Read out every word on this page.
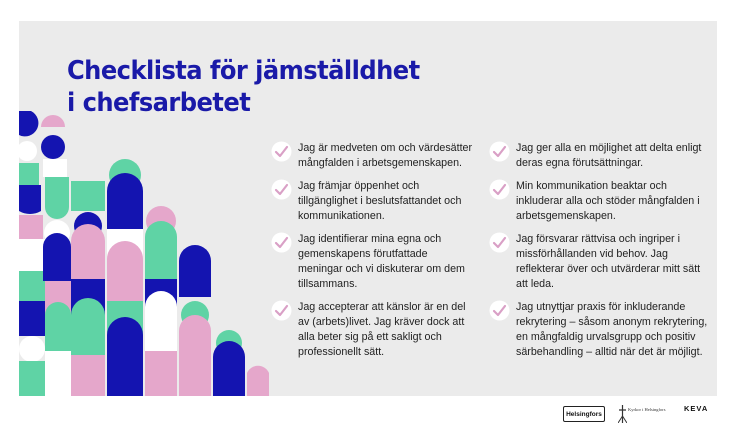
Checklista för jämställdhet
i chefsarbetet
Jag är medveten om och värdesätter mångfalden i arbetsgemenskapen.
Jag främjar öppenhet och tillgänglighet i beslutsfattandet och kommunikationen.
Jag identifierar mina egna och gemenskapens förutfattade meningar och vi diskuterar om dem tillsammans.
Jag accepterar att känslor är en del av (arbets)livet. Jag kräver dock att alla beter sig på ett sakligt och professionellt sätt.
Jag ger alla en möjlighet att delta enligt deras egna förutsättningar.
Min kommunikation beaktar och inkluderar alla och stöder mångfalden i arbetsgemenskapen.
Jag försvarar rättvisa och ingriper i missförhållanden vid behov. Jag reflekterar över och utvärderar mitt sätt att leda.
Jag utnyttjar praxis för inkluderande rekrytering – såsom anonym rekrytering, en mångfaldig urvalsgrupp och positiv särbehandling – alltid när det är möjligt.
Helsingfors
Kyrkor i Helsingfors KEVA
